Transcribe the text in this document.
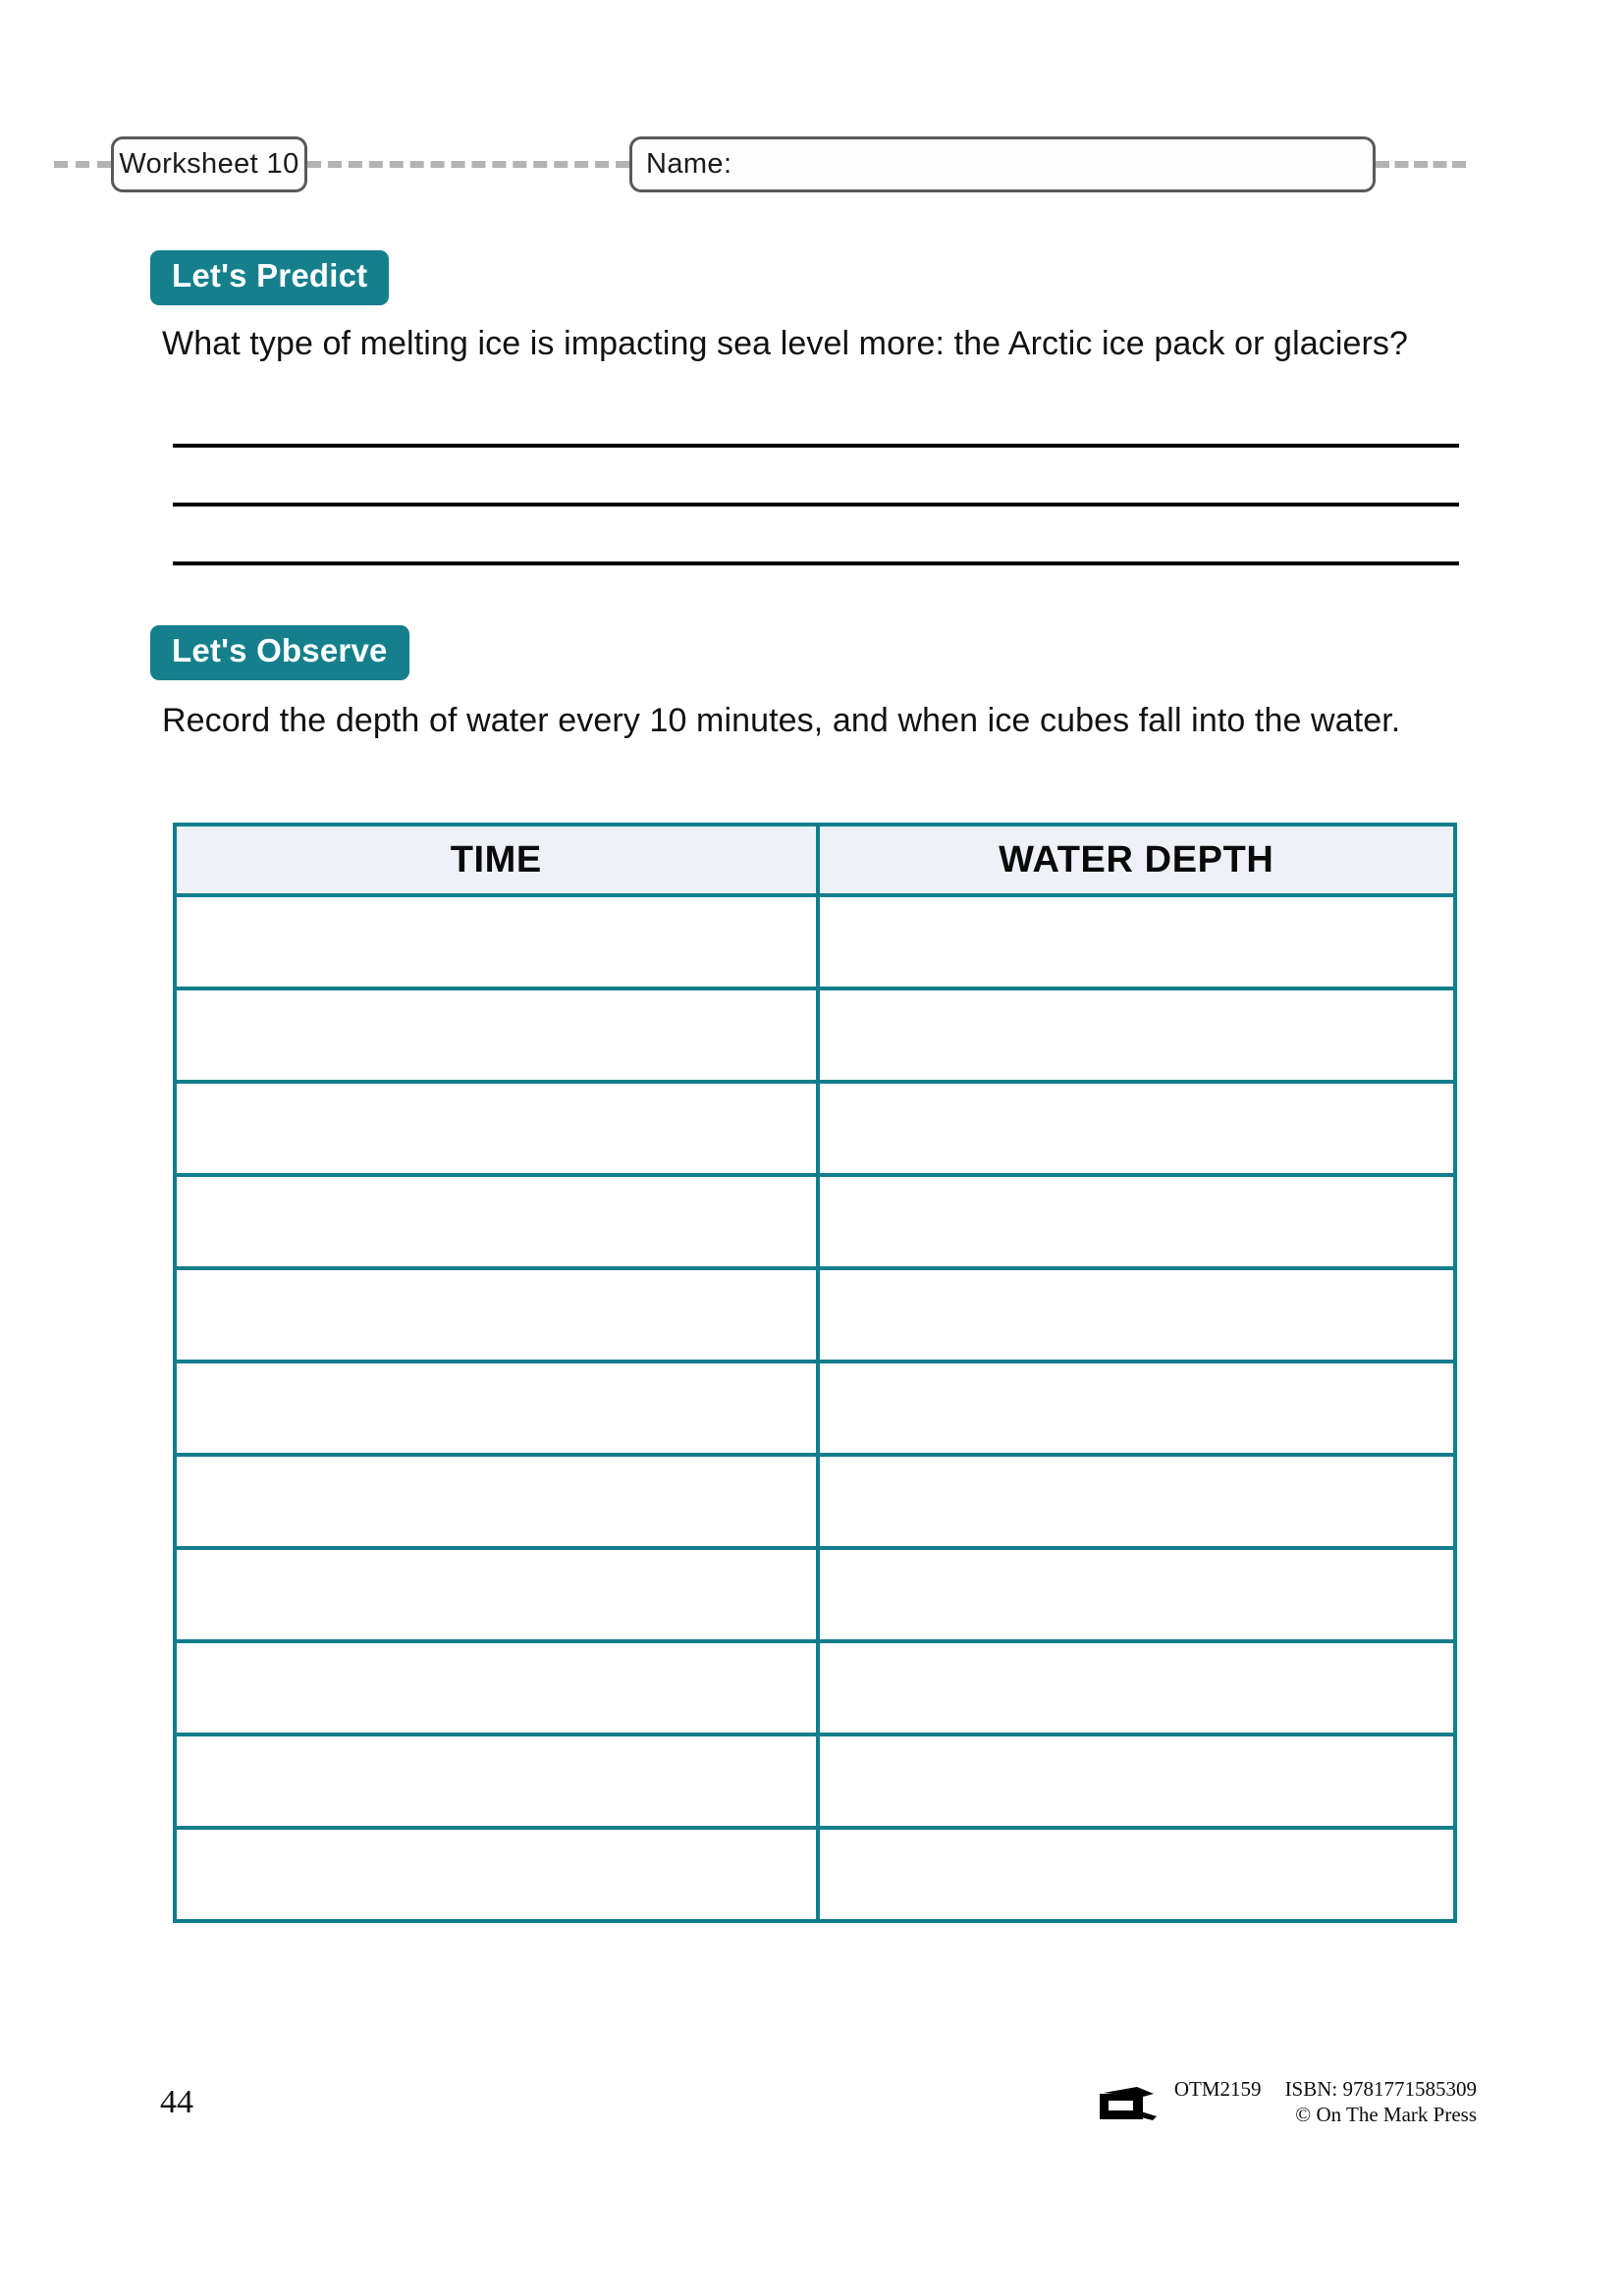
Worksheet 10	Name:
Let's Predict
What type of melting ice is impacting sea level more: the Arctic ice pack or glaciers?
Let's Observe
Record the depth of water every 10 minutes, and when ice cubes fall into the water.
TIME	WATER DEPTH

44	OTM2159 ISBN: 9781771585309
© On The Mark Press
